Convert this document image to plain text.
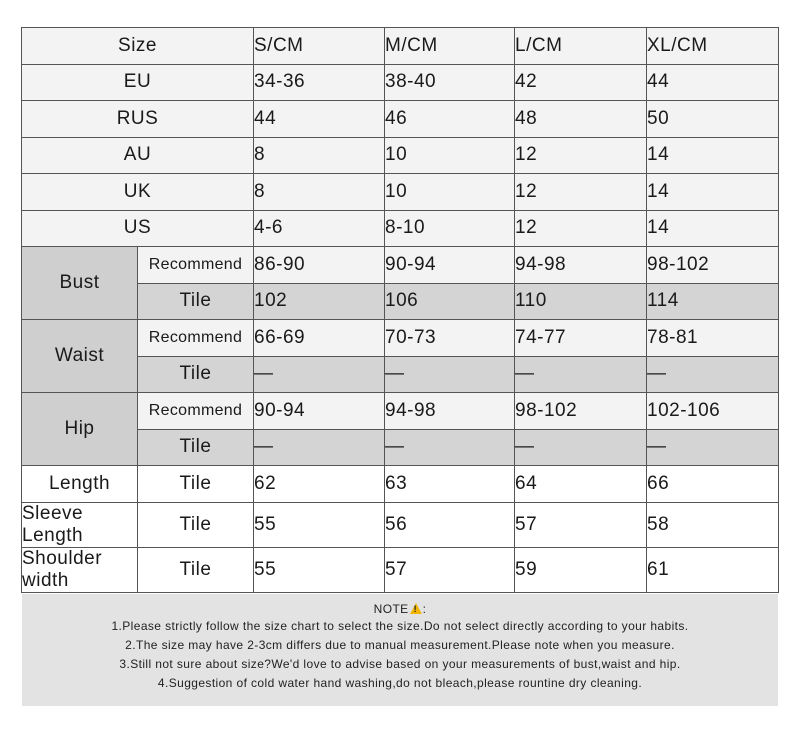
Size		S/CM	M/CM	L/CM	XL/CM
EU		34-36	38-40	42	44
RUS		44	46	48	50
AU		8	10	12	14
UK		8	10	12	14
US		4-6	8-10	12	14
Bust	Recommend	86-90	90-94	94-98	98-102
	Tile	102	106	110	114
Waist	Recommend	66-69	70-73	74-77	78-81
	Tile	—	—	—	—
Hip	Recommend	90-94	94-98	98-102	102-106
	Tile	—	—	—	—
Length	Tile	62	63	64	66
Sleeve Length	Tile	55	56	57	58
Shoulder width	Tile	55	57	59	61
NOTE ! :
1.Please strictly follow the size chart to select the size.Do not select directly according to your habits.
2.The size may have 2-3cm differs due to manual measurement.Please note when you measure.
3.Still not sure about size?We'd love to advise based on your measurements of bust,waist and hip.
4.Suggestion of cold water hand washing,do not bleach,please rountine dry cleaning.
